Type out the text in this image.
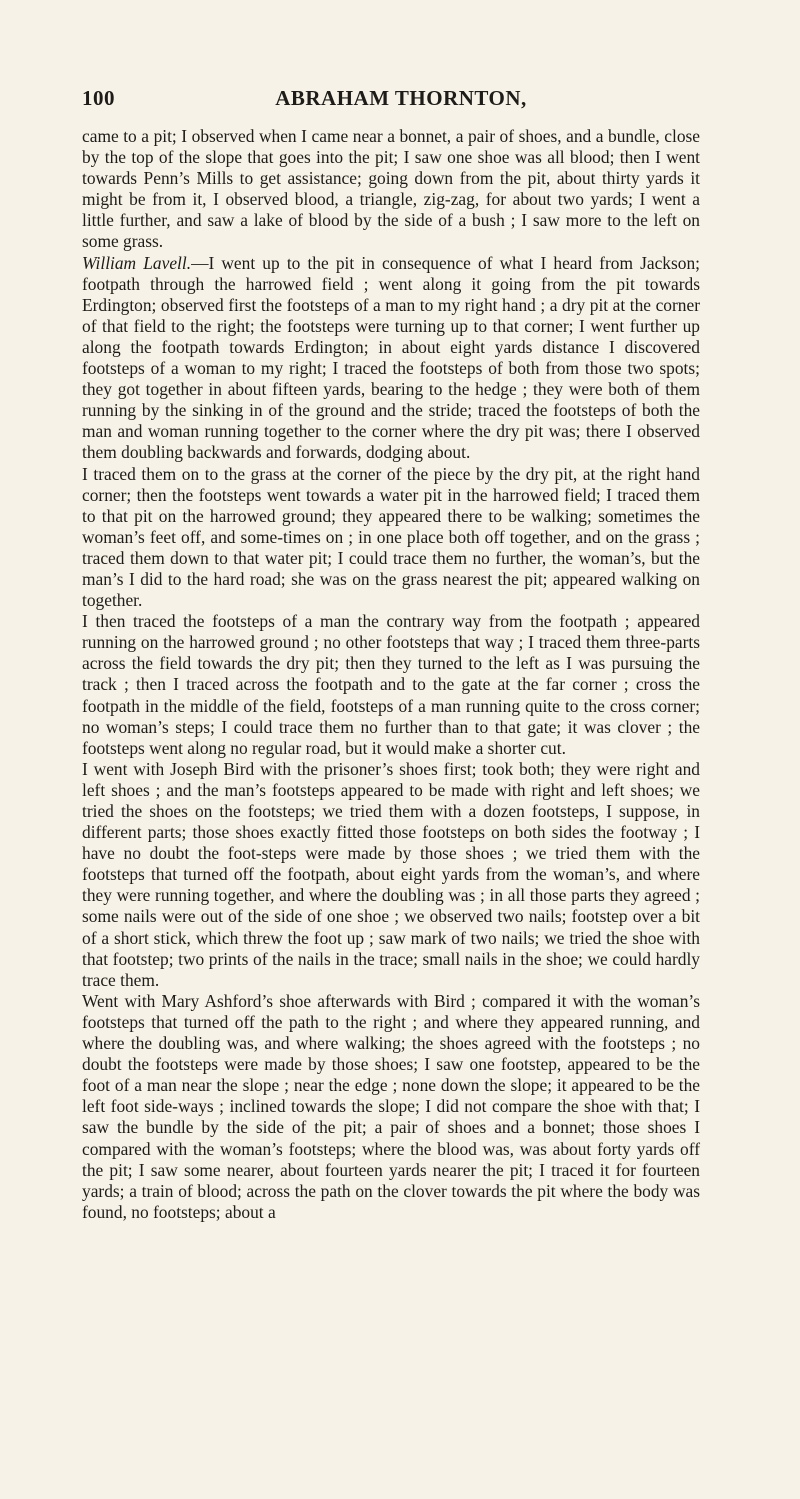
100	ABRAHAM THORNTON,

came to a pit; I observed when I came near a bonnet, a pair of shoes, and a bundle, close by the top of the slope that goes into the pit; I saw one shoe was all blood; then I went towards Penn’s Mills to get assistance; going down from the pit, about thirty yards it might be from it, I observed blood, a triangle, zig-zag, for about two yards; I went a little further, and saw a lake of blood by the side of a bush ; I saw more to the left on some grass.

William Lavell.—I went up to the pit in consequence of what I heard from Jackson; footpath through the harrowed field ; went along it going from the pit towards Erdington; observed first the footsteps of a man to my right hand ; a dry pit at the corner of that field to the right; the footsteps were turning up to that corner; I went further up along the footpath towards Erdington; in about eight yards distance I discovered footsteps of a woman to my right; I traced the footsteps of both from those two spots; they got together in about fifteen yards, bearing to the hedge ; they were both of them running by the sinking in of the ground and the stride; traced the footsteps of both the man and woman running together to the corner where the dry pit was; there I observed them doubling backwards and forwards, dodging about.

I traced them on to the grass at the corner of the piece by the dry pit, at the right hand corner; then the footsteps went towards a water pit in the harrowed field; I traced them to that pit on the harrowed ground; they appeared there to be walking; sometimes the woman’s feet off, and some-times on ; in one place both off together, and on the grass ; traced them down to that water pit; I could trace them no further, the woman’s, but the man’s I did to the hard road; she was on the grass nearest the pit; appeared walking on together.

I then traced the footsteps of a man the contrary way from the footpath ; appeared running on the harrowed ground ; no other footsteps that way ; I traced them three-parts across the field towards the dry pit; then they turned to the left as I was pursuing the track ; then I traced across the footpath and to the gate at the far corner ; cross the footpath in the middle of the field, footsteps of a man running quite to the cross corner; no woman’s steps; I could trace them no further than to that gate; it was clover ; the footsteps went along no regular road, but it would make a shorter cut.

I went with Joseph Bird with the prisoner’s shoes first; took both; they were right and left shoes ; and the man’s footsteps appeared to be made with right and left shoes; we tried the shoes on the footsteps; we tried them with a dozen footsteps, I suppose, in different parts; those shoes exactly fitted those footsteps on both sides the footway ; I have no doubt the foot-steps were made by those shoes ; we tried them with the footsteps that turned off the footpath, about eight yards from the woman’s, and where they were running together, and where the doubling was ; in all those parts they agreed ; some nails were out of the side of one shoe ; we observed two nails; footstep over a bit of a short stick, which threw the foot up ; saw mark of two nails; we tried the shoe with that footstep; two prints of the nails in the trace; small nails in the shoe; we could hardly trace them.

Went with Mary Ashford’s shoe afterwards with Bird ; compared it with the woman’s footsteps that turned off the path to the right ; and where they appeared running, and where the doubling was, and where walking; the shoes agreed with the footsteps ; no doubt the footsteps were made by those shoes; I saw one footstep, appeared to be the foot of a man near the slope ; near the edge ; none down the slope; it appeared to be the left foot side-ways ; inclined towards the slope; I did not compare the shoe with that; I saw the bundle by the side of the pit; a pair of shoes and a bonnet; those shoes I compared with the woman’s footsteps; where the blood was, was about forty yards off the pit; I saw some nearer, about fourteen yards nearer the pit; I traced it for fourteen yards; a train of blood; across the path on the clover towards the pit where the body was found, no footsteps; about a
